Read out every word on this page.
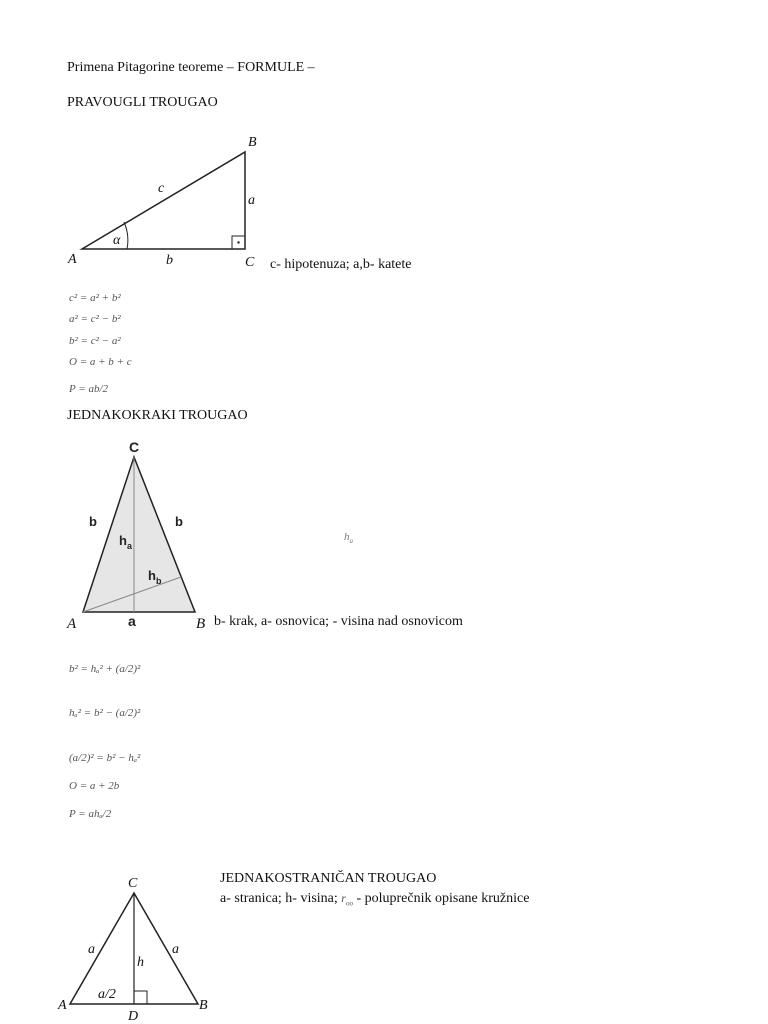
Primena Pitagorine teoreme – FORMULE –
PRAVOUGLI TROUGAO
A
B
C
a
b
c
α
c- hipotenuza; a,b- katete
c² = a² + b²
a² = c² − b²
b² = c² − a²
O = a + b + c
P = ab/2
JEDNAKOKRAKI TROUGAO
C
b	b
$h_a$
$h_b$
A	a	B
$h_a$
b- krak, a- osnovica; - visina nad osnovicom
b² = hₐ² + (a/2)²
hₐ² = b² − (a/2)²
(a/2)² = b² − hₐ²
O = a + 2b
P = ahₐ/2
JEDNAKOSTRANIČAN TROUGAO
a- stranica; h- visina; $r_{oo}$ - poluprečnik opisane kružnice
C
a	a
h
a/2
A	B
D
